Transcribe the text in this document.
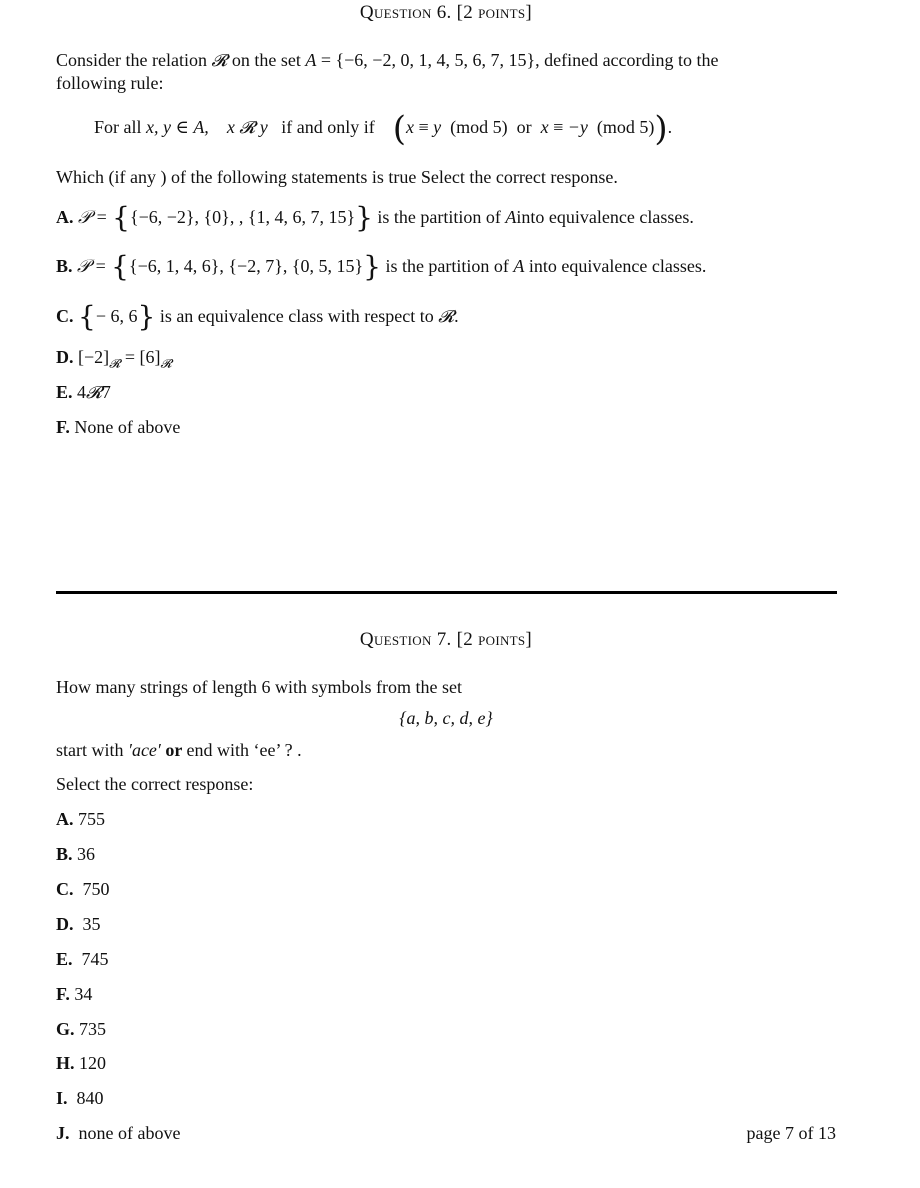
Question 6. [2 points]
Consider the relation 𝓡 on the set A = {−6, −2, 0, 1, 4, 5, 6, 7, 15}, defined according to the
following rule:
For all x, y ∈ A, x 𝓡 y if and only if (x ≡ y (mod 5) or x ≡ −y (mod 5)).
Which (if any ) of the following statements is true Select the correct response.
A. 𝒫 = {{−6, −2}, {0}, , {1, 4, 6, 7, 15}} is the partition of Ainto equivalence classes.
B. 𝒫 = {{−6, 1, 4, 6}, {−2, 7}, {0, 5, 15}} is the partition of A into equivalence classes.
C. {− 6, 6} is an equivalence class with respect to 𝓡.
D. $[-2]_𝓡 = [6]_𝓡$
E. 4𝓡7
F. None of above
Question 7. [2 points]
How many strings of length 6 with symbols from the set
{a, b, c, d, e}
start with ′ace′ or end with ‘ee’ ? .
Select the correct response:
A. 755
B. 36
C. 750
D. 35
E. 745
F. 34
G. 735
H. 120
I. 840
J. none of above	page 7 of 13
